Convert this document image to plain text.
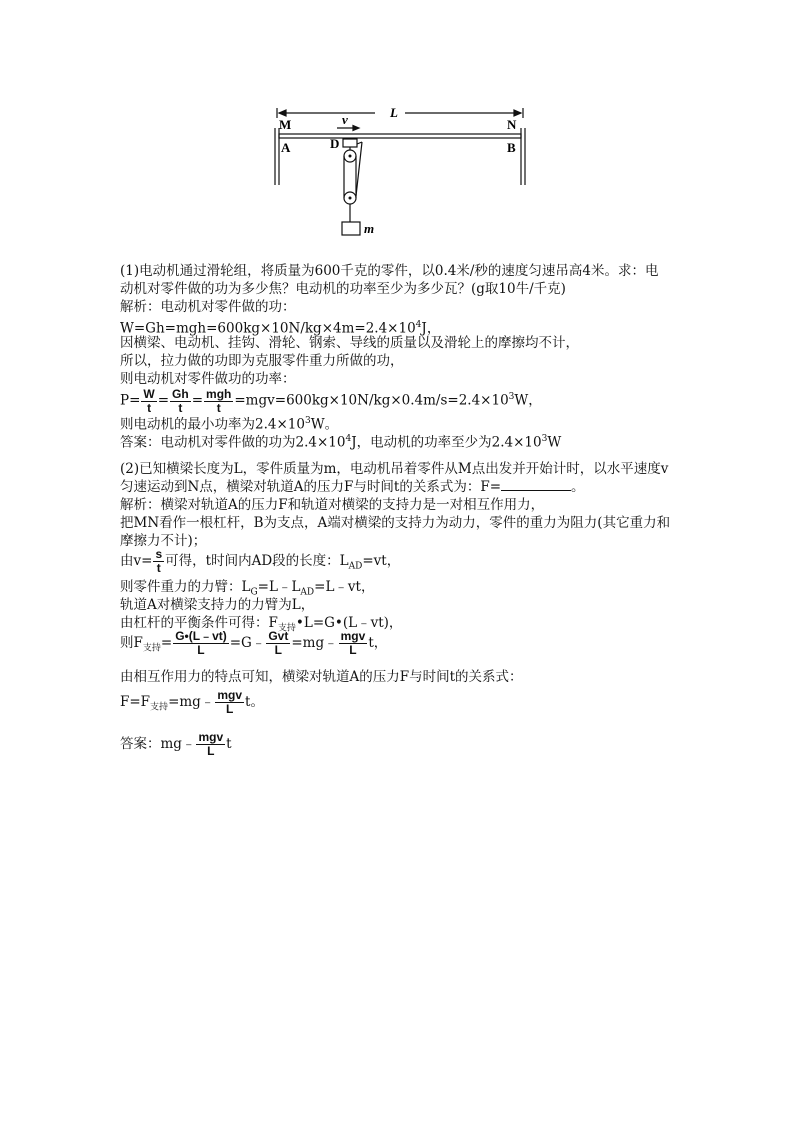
L
M	N
A	B
D
v
m
(1)电动机通过滑轮组，将质量为600千克的零件，以0.4米/秒的速度匀速吊高4米。求：电
动机对零件做的功为多少焦？电动机的功率至少为多少瓦？(g取10牛/千克)
解析：电动机对零件做的功：
$W=Gh=mgh=600kg\times 10N/kg\times 4m=2.4\times 10^4J$，
因横梁、电动机、挂钩、滑轮、钢索、导线的质量以及滑轮上的摩擦均不计，
所以，拉力做的功即为克服零件重力所做的功，
则电动机对零件做功的功率：
$P= \frac{W}{t} = \frac{Gh}{t} = \frac{\text{mgh}}{t} =mgv=600kg\times 10N/kg\times 0.4m/s=2.4\times 10^3W$，
则电动机的最小功率为$2.4\times 10^3W$。
答案：电动机对零件做的功为$2.4\times 10^4J$，电动机的功率至少为$2.4\times 10^3W$
(2)已知横梁长度为L，零件质量为m，电动机吊着零件从M点出发并开始计时，以水平速度v
匀速运动到N点，横梁对轨道A的压力F与时间t的关系式为：F=	。
解析：横梁对轨道A的压力F和轨道对横梁的支持力是一对相互作用力，
把MN看作一根杠杆，B为支点，A端对横梁的支持力为动力，零件的重力为阻力(其它重力和
摩擦力不计)；
由$v= \frac{s}{t}$ 可得，t时间内AD段的长度：$L_{AD}=vt$，
则零件重力的力臂：$L_G=L﹣L_{AD}=L﹣vt$，
轨道A对横梁支持力的力臂为L，
由杠杆的平衡条件可得：$F_{支持}•L=G•(L﹣vt)$，
则$F_{支持}= \frac{G•(L﹣vt)}{L}$ =G﹣ $\frac{\text{Gvt}}{L}$ =mg﹣ $\frac{\text{mgv}}{L}$ t，
由相互作用力的特点可知，横梁对轨道A的压力F与时间t的关系式：
$F=F_{支持}=mg﹣ \frac{\text{mgv}}{L}$ t。
答案：mg﹣ $\frac{\text{mgv}}{L}$ t
